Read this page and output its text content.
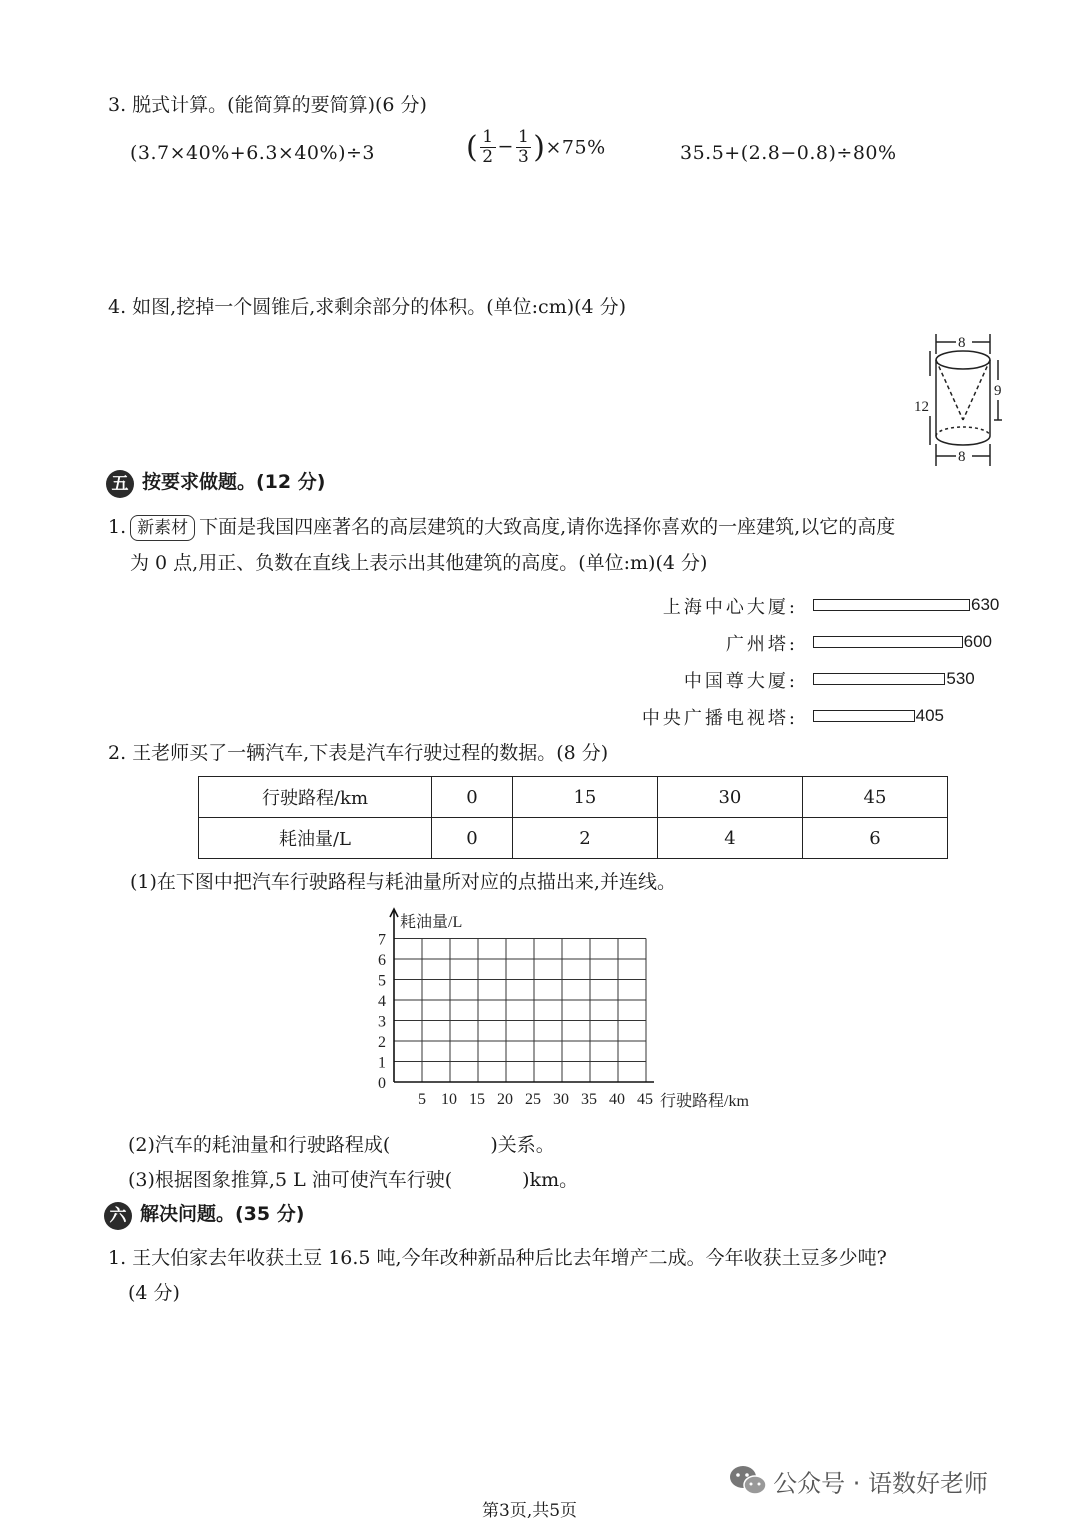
3. 脱式计算。(能简算的要简算)(6 分)
(3.7×40%+6.3×40%)÷3	( $\frac{1}{2} - \frac{1}{3} )\times 75\%$	35.5+(2.8−0.8)÷80%
4. 如图,挖掉一个圆锥后,求剩余部分的体积。(单位:cm)(4 分)
8
12
9
8
五 按要求做题。(12 分)
1. 新素材 下面是我国四座著名的高层建筑的大致高度,请你选择你喜欢的一座建筑,以它的高度
为 0 点,用正、负数在直线上表示出其他建筑的高度。(单位:m)(4 分)
上海中心大厦:	630
广州塔:	600
中国尊大厦:	530
中央广播电视塔:	405
2. 王老师买了一辆汽车,下表是汽车行驶过程的数据。(8 分)
行驶路程/km	0	15	30	45
耗油量/L	0	2	4	6
(1)在下图中把汽车行驶路程与耗油量所对应的点描出来,并连线。
0
1
2
3
4
5
6
7
5 10 15 20 25 30 35 40 45
耗油量/L
行驶路程/km
(2)汽车的耗油量和行驶路程成(	)关系。
(3)根据图象推算,5 L 油可使汽车行驶(	)km。
六 解决问题。(35 分)
1. 王大伯家去年收获土豆 16.5 吨,今年改种新品种后比去年增产二成。今年收获土豆多少吨?
(4 分)
公众号 · 语数好老师
第3页,共5页
